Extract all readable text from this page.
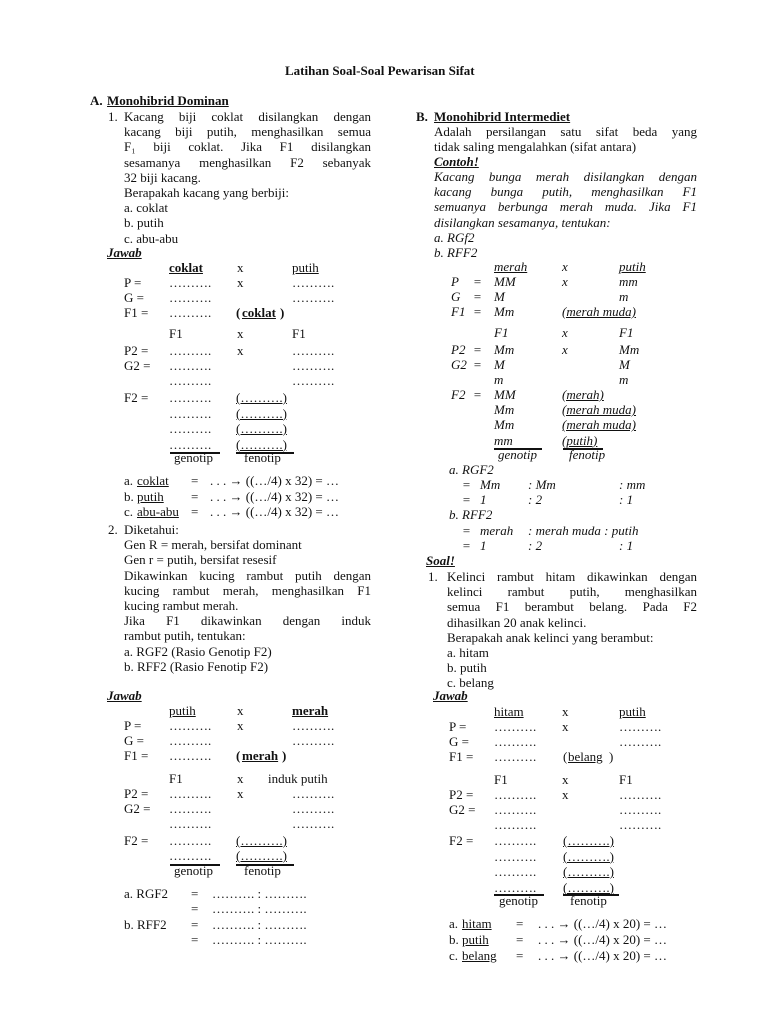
Latihan Soal-Soal Pewarisan Sifat
A. Monohibrid Dominan
1. Kacang biji coklat disilangkan dengan
kacang biji putih, menghasilkan semua
F₁ biji coklat. Jika F1 disilangkan
sesamanya menghasilkan F2 sebanyak
32 biji kacang.
Berapakah kacang yang berbiji:
a. coklat
b. putih
c. abu-abu
Jawab
coklat	x	putih
P = ………. x	……….
G = ……….	……….
F1 = ………. ( coklat )
F1	x	F1
P2 = ………. x	……….
G2 = ……….	……….
……….	……….
F2 = ………. (……….)
………. (……….)
………. (……….)
………. (……….)
genotip fenotip
a. coklat = . . . → ((…/4) x 32) = …
b. putih = . . . → ((…/4) x 32) = …
c. abu-abu = . . . → ((…/4) x 32) = …
2. Diketahui:
Gen R = merah, bersifat dominant
Gen r = putih, bersifat resesif
Dikawinkan kucing rambut putih dengan
kucing rambut merah, menghasilkan F1
kucing rambut merah.
Jika F1 dikawinkan dengan induk
rambut putih, tentukan:
a. RGF2 (Rasio Genotip F2)
b. RFF2 (Rasio Fenotip F2)
Jawab
putih	x	merah
P = ………. x	……….
G = ……….	……….
F1 = ………. ( merah )
F1	x induk putih
P2 = ………. x	……….
G2 = ……….	……….
……….	……….
F2 = ………. (……….)
………. (……….)
genotip fenotip
a. RGF2 = ………. : ……….
= ………. : ……….
b. RFF2 = ………. : ……….
= ………. : ……….
B. Monohibrid Intermediet
Adalah persilangan satu sifat beda yang
tidak saling mengalahkan (sifat antara)
Contoh!
Kacang bunga merah disilangkan dengan
kacang bunga putih, menghasilkan F1
semuanya berbunga merah muda. Jika F1
disilangkan sesamanya, tentukan:
a. RGf2
b. RFF2
merah	x	putih
P = MM	x	mm
G = M	m
F1 = Mm	(merah muda)
F1	x	F1
P2 = Mm	x	Mm
G2 = M	M
m	m
F2 = MM	(merah)
Mm	(merah muda)
Mm	(merah muda)
mm	(putih)
genotip fenotip
a. RGF2
= Mm : Mm	: mm
= 1	: 2	: 1
b. RFF2
= merah : merah muda : putih
= 1	: 2	: 1
Soal!
1. Kelinci rambut hitam dikawinkan dengan
kelinci rambut putih, menghasilkan
semua F1 berambut belang. Pada F2
dihasilkan 20 anak kelinci.
Berapakah anak kelinci yang berambut:
a. hitam
b. putih
c. belang
Jawab
hitam	x	putih
P = ………. x	……….
G = ……….	……….
F1 = ………. ( belang )
F1	x	F1
P2 = ………. x	……….
G2 = ……….	……….
……….	……….
F2 = ………. (……….)
………. (……….)
………. (……….)
………. (……….)
genotip fenotip
a. hitam = . . . → ((…/4) x 20) = …
b. putih = . . . → ((…/4) x 20) = …
c. belang = . . . → ((…/4) x 20) = …
